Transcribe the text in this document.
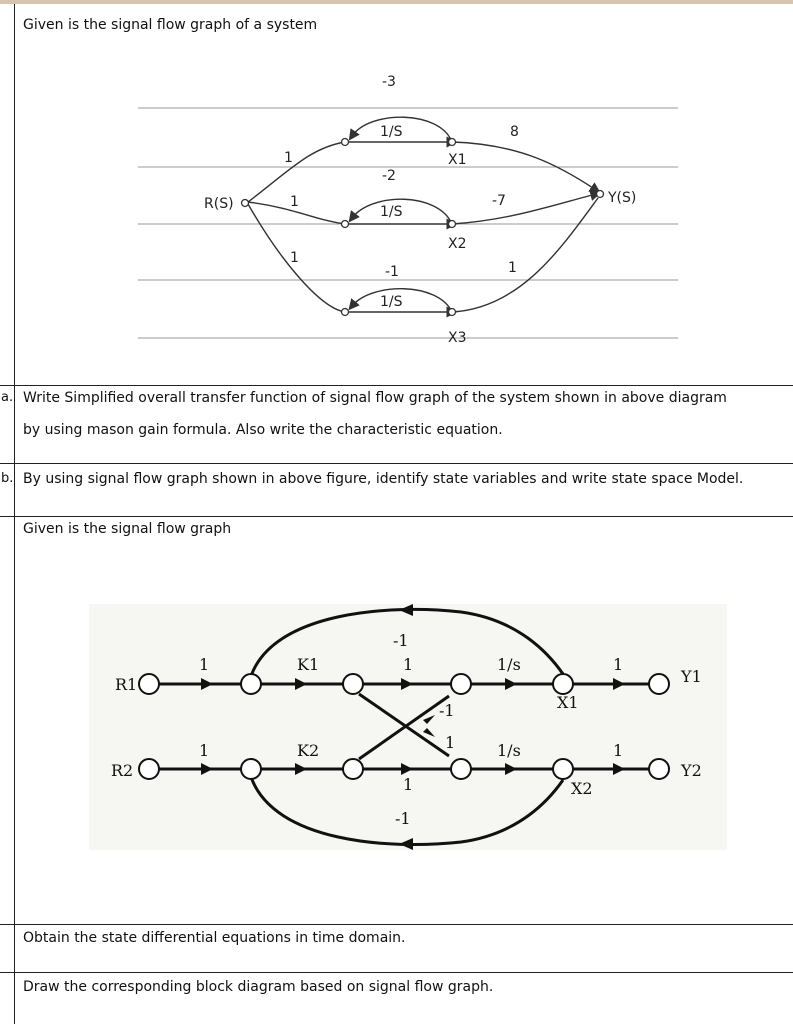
Given is the signal flow graph of a system
R(S)	Y(S)
-3
1/S	8
1
-2
1
1/S
-7
1
-1
1/S
1
X1
X2
X3
a. Write Simplified overall transfer function of signal flow graph of the system shown in above diagram
by using mason gain formula. Also write the characteristic equation.
b. By using signal flow graph shown in above figure, identify state variables and write state space Model.
Given is the signal flow graph
R1
R2
Y1
Y2
X1
X2
1	K1	1	1/s	1
1	K2
1
1/s	1
-1
-1
-1
1
Obtain the state differential equations in time domain.
Draw the corresponding block diagram based on signal flow graph.
